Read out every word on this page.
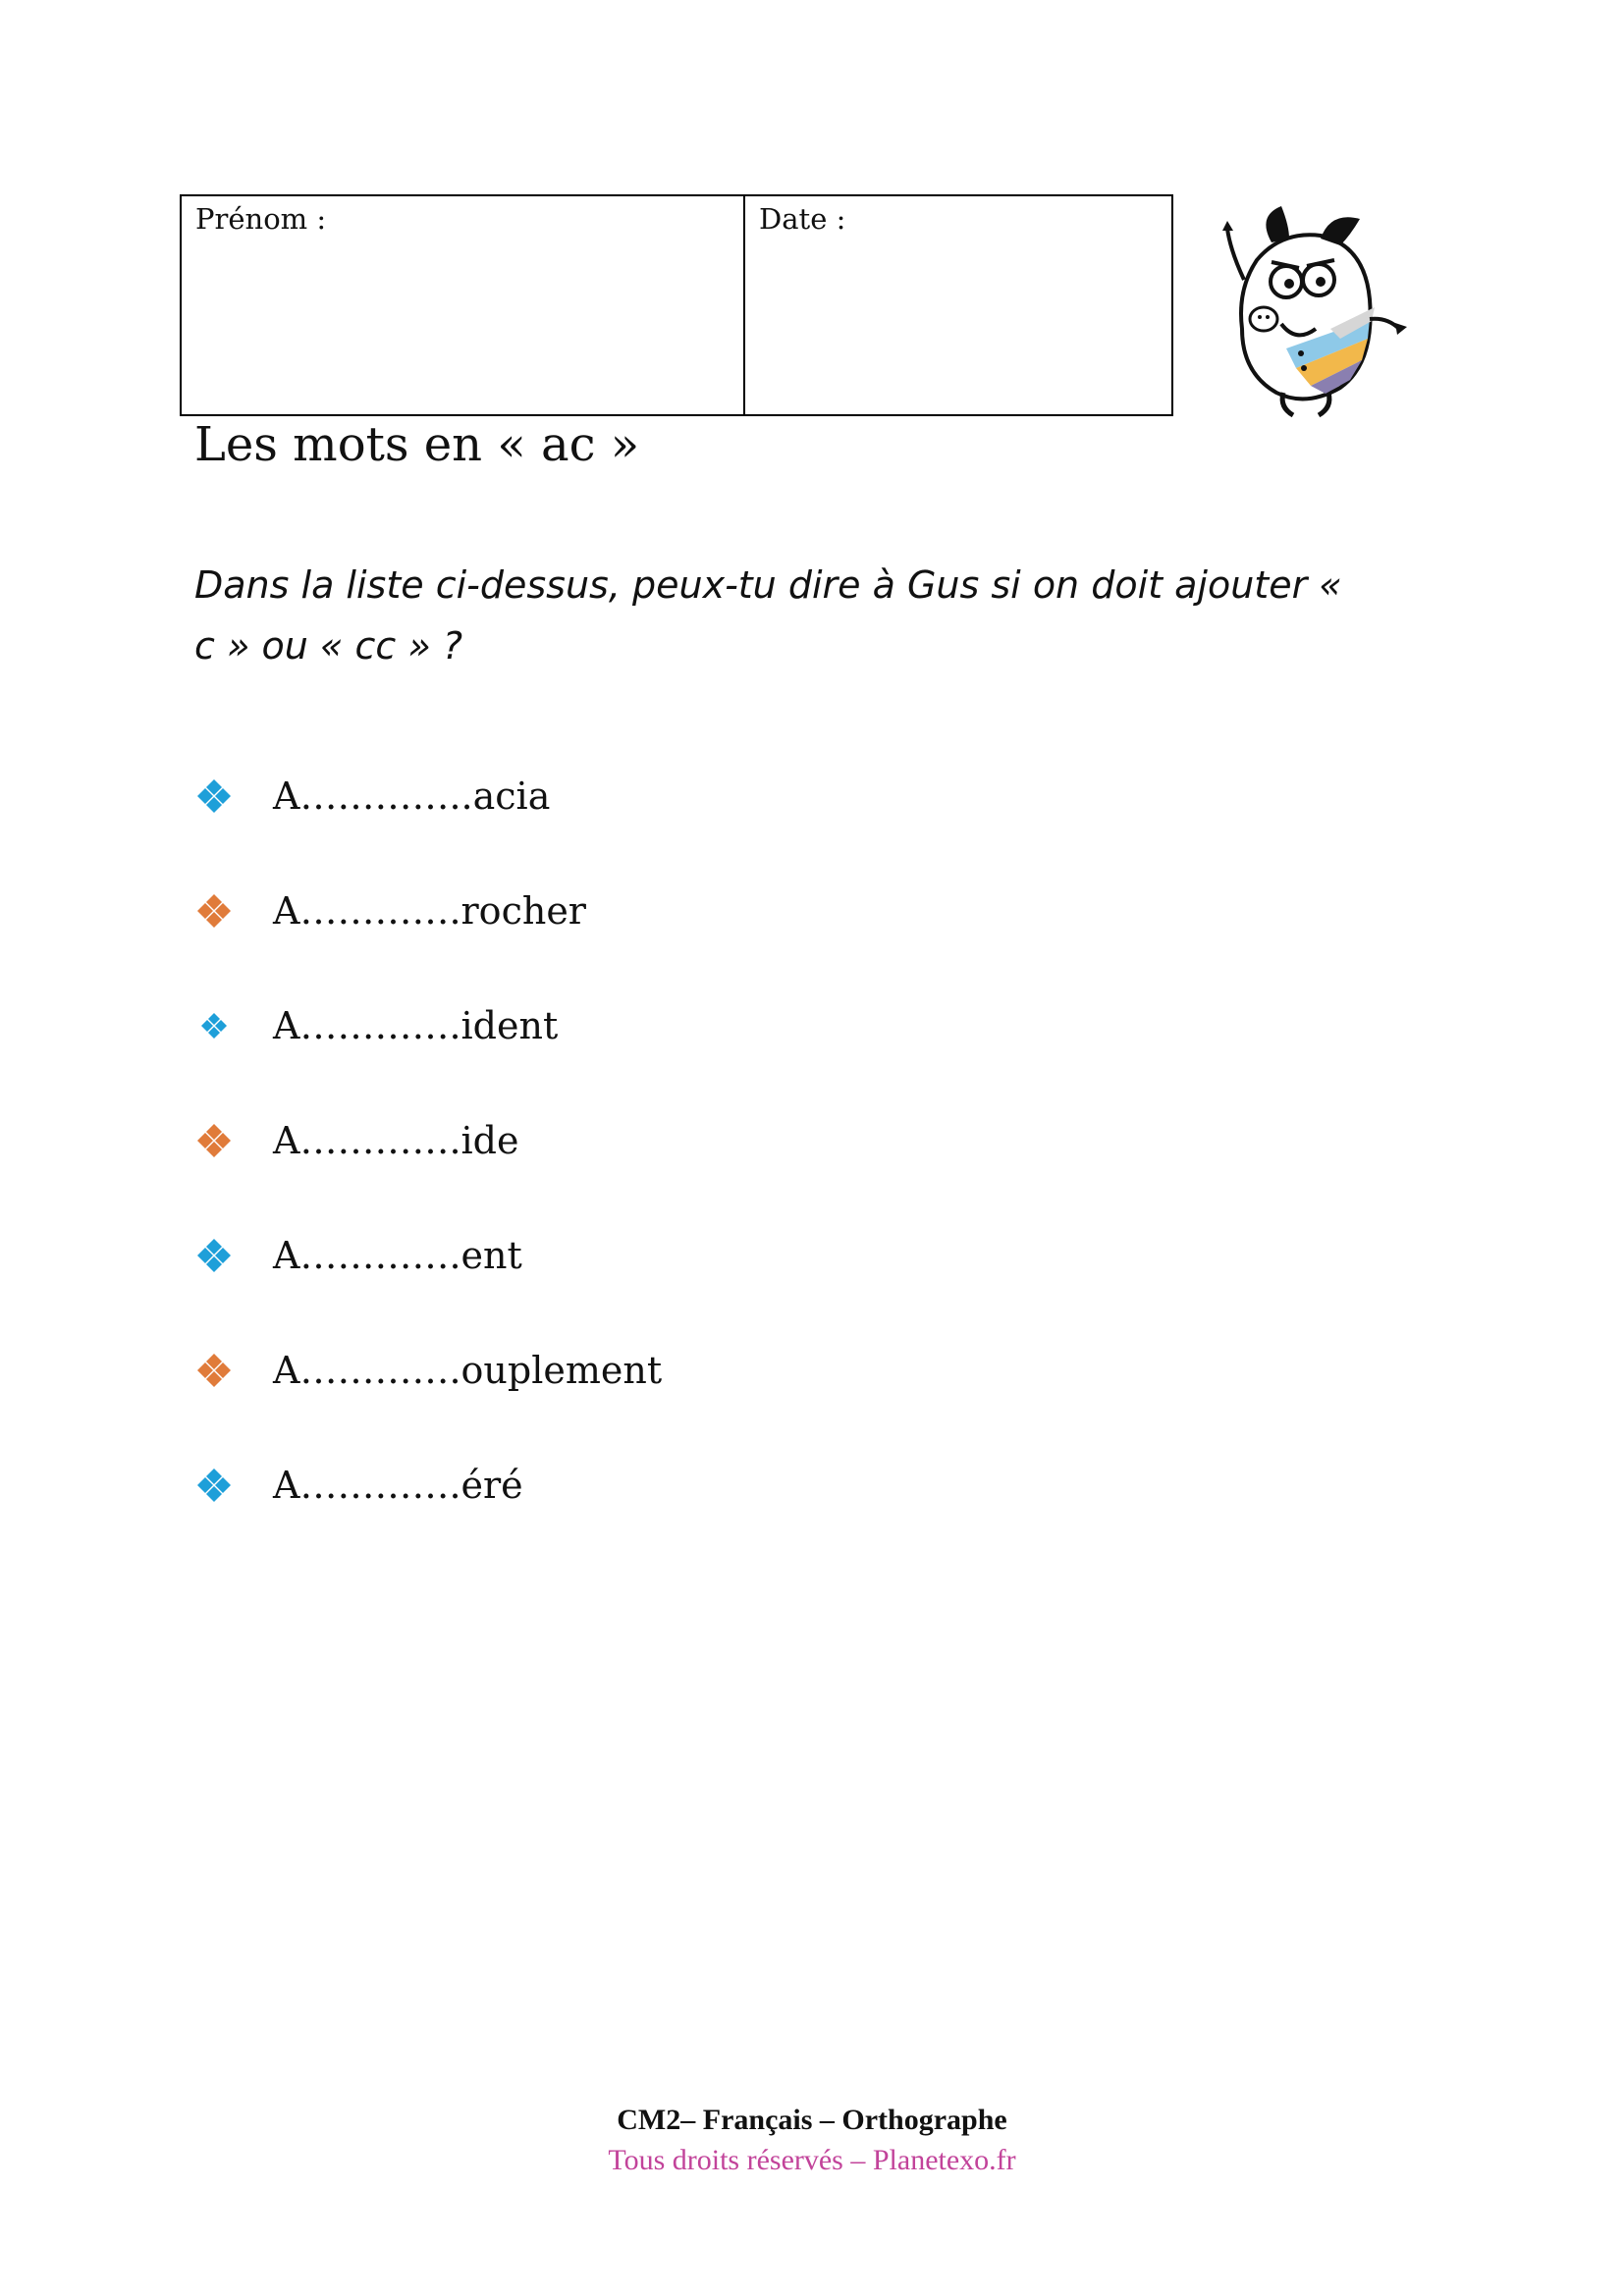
Prénom :	Date :
Les mots en « ac »

Dans la liste ci-dessus, peux-tu dire à Gus si on doit ajouter « c » ou « cc » ?

A…………..acia
A………….rocher
A………….ident
A………….ide
A………….ent
A………….ouplement
A………….éré
CM2– Français – Orthographe
Tous droits réservés – Planetexo.fr
